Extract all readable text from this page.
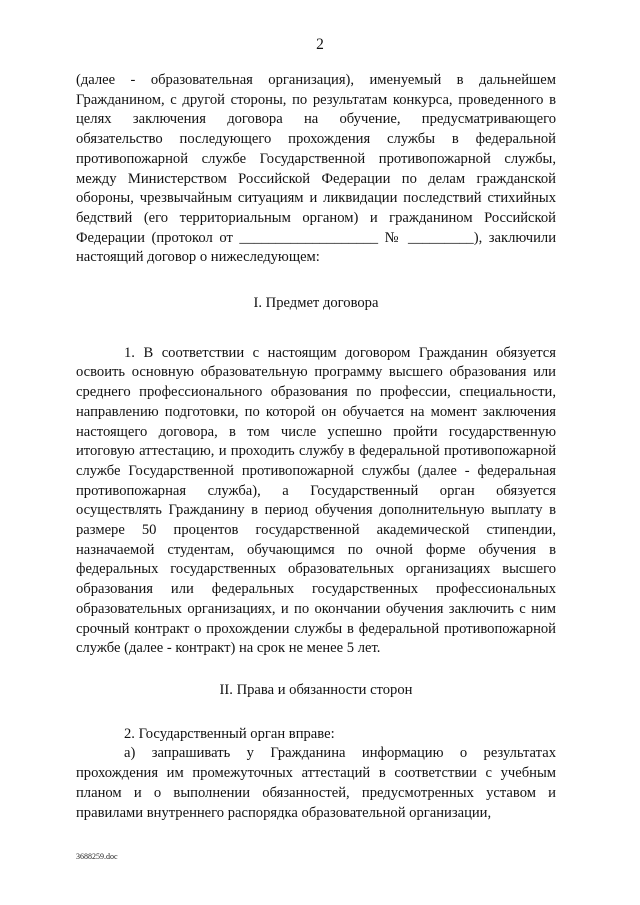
2

(далее - образовательная организация), именуемый в дальнейшем Гражданином, с другой стороны, по результатам конкурса, проведенного в целях заключения договора на обучение, предусматривающего обязательство последующего прохождения службы в федеральной противопожарной службе Государственной противопожарной службы, между Министерством Российской Федерации по делам гражданской обороны, чрезвычайным ситуациям и ликвидации последствий стихийных бедствий (его территориальным органом) и гражданином Российской Федерации (протокол от ___________________ № _________), заключили настоящий договор о нижеследующем:

I. Предмет договора

1. В соответствии с настоящим договором Гражданин обязуется освоить основную образовательную программу высшего образования или среднего профессионального образования по профессии, специальности, направлению подготовки, по которой он обучается на момент заключения настоящего договора, в том числе успешно пройти государственную итоговую аттестацию, и проходить службу в федеральной противопожарной службе Государственной противопожарной службы (далее - федеральная противопожарная служба), а Государственный орган обязуется осуществлять Гражданину в период обучения дополнительную выплату в размере 50 процентов государственной академической стипендии, назначаемой студентам, обучающимся по очной форме обучения в федеральных государственных образовательных организациях высшего образования или федеральных государственных профессиональных образовательных организациях, и по окончании обучения заключить с ним срочный контракт о прохождении службы в федеральной противопожарной службе (далее - контракт) на срок не менее 5 лет.

II. Права и обязанности сторон

2. Государственный орган вправе:

а) запрашивать у Гражданина информацию о результатах прохождения им промежуточных аттестаций в соответствии с учебным планом и о выполнении обязанностей, предусмотренных уставом и правилами внутреннего распорядка образовательной организации,

3688259.doc
